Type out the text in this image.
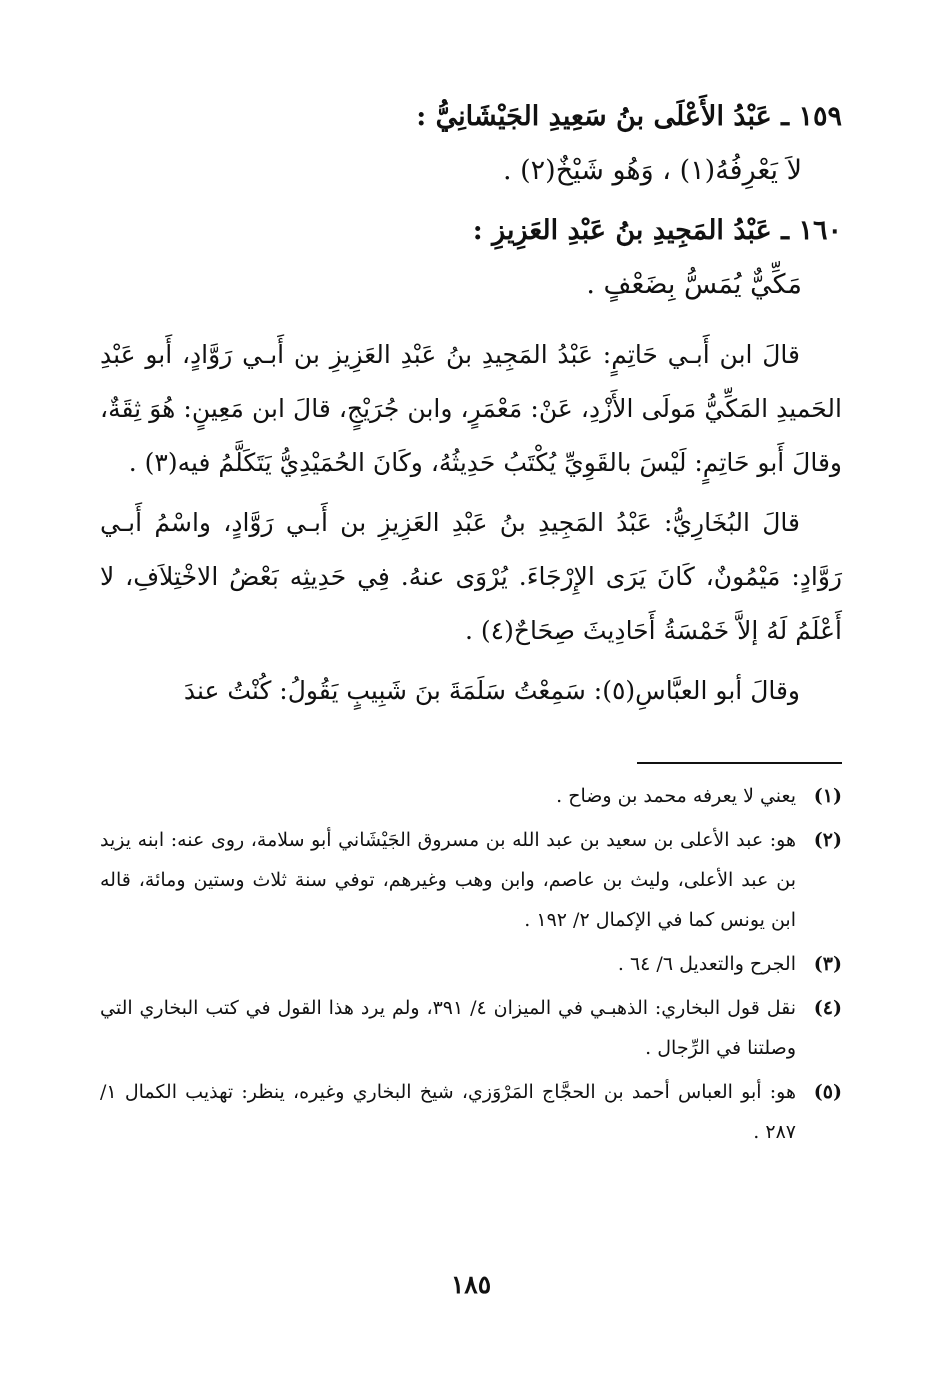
١٥٩ ـ عَبْدُ الأَعْلَى بنُ سَعِيدِ الجَيْشَانِيُّ :

لاَ يَعْرِفُهُ(١) ، وَهُو شَيْخٌ(٢) .

١٦٠ ـ عَبْدُ المَجِيدِ بنُ عَبْدِ العَزِيزِ :

مَكِّيٌّ يُمَسُّ بِضَعْفٍ .

قالَ ابن أَبـي حَاتِمٍ: عَبْدُ المَجِيدِ بنُ عَبْدِ العَزِيزِ بن أَبـي رَوَّادٍ، أَبو عَبْدِ الحَميدِ المَكِّيُّ مَولَى الأَزْدِ، عَنْ: مَعْمَرٍ، وابن جُرَيْجٍ، قالَ ابن مَعِينٍ: هُوَ ثِقَةٌ، وقالَ أَبو حَاتِمٍ: لَيْسَ بالقَوِيِّ يُكْتَبُ حَدِيثُهُ، وكَانَ الحُمَيْدِيُّ يَتَكَلَّمُ فيه(٣) .

قالَ البُخَارِيُّ: عَبْدُ المَجِيدِ بنُ عَبْدِ العَزِيزِ بن أَبـي رَوَّادٍ، واسْمُ أَبـي رَوَّادٍ: مَيْمُونٌ، كَانَ يَرَى الإِرْجَاءَ. يُرْوَى عنهُ. فِي حَدِيثِه بَعْضُ الاخْتِلاَفِ، لا أَعْلَمُ لَهُ إلاَّ خَمْسَةُ أَحَادِيثَ صِحَاحٌ(٤) .

وقالَ أبو العبَّاسِ(٥): سَمِعْتُ سَلَمَةَ بنَ شَبِيبٍ يَقُولُ: كُنْتُ عندَ

(١)
يعني لا يعرفه محمد بن وضاح .
(٢)
هو: عبد الأعلى بن سعيد بن عبد الله بن مسروق الجَيْشَاني أبو سلامة، روى عنه: ابنه يزيد بن عبد الأعلى، وليث بن عاصم، وابن وهب وغيرهم، توفي سنة ثلاث وستين ومائة، قاله ابن يونس كما في الإكمال ٢/ ١٩٢ .
(٣)
الجرح والتعديل ٦/ ٦٤ .
(٤)
نقل قول البخاري: الذهبـي في الميزان ٤/ ٣٩١، ولم يرد هذا القول في كتب البخاري التي وصلتنا في الرِّجال .
(٥)
هو: أبو العباس أحمد بن الحجَّاج المَرْوَزي، شيخ البخاري وغيره، ينظر: تهذيب الكمال ١/ ٢٨٧ .
١٨٥
